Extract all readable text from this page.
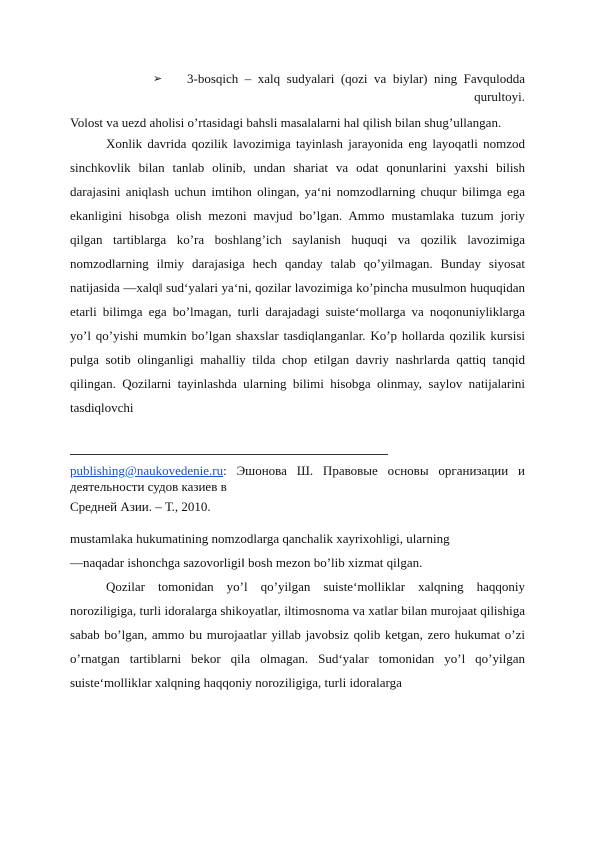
➢ 3-bosqich – xalq sudyalari (qozi va biylar) ning Favqulodda qurultoyi.

Volost va uezd aholisi o’rtasidagi bahsli masalalarni hal qilish bilan shug’ullangan.

Xonlik davrida qozilik lavozimiga tayinlash jarayonida eng layoqatli nomzod sinchkovlik bilan tanlab olinib, undan shariat va odat qonunlarini yaxshi bilish darajasini aniqlash uchun imtihon olingan, ya‘ni nomzodlarning chuqur bilimga ega ekanligini hisobga olish mezoni mavjud bo’lgan. Ammo mustamlaka tuzum joriy qilgan tartiblarga ko’ra boshlang’ich saylanish huquqi va qozilik lavozimiga nomzodlarning ilmiy darajasiga hech qanday talab qo’yilmagan. Bunday siyosat natijasida ―xalq‖ sud‘yalari ya‘ni, qozilar lavozimiga ko’pincha musulmon huquqidan etarli bilimga ega bo’lmagan, turli darajadagi suiste‘mollarga va noqonuniyliklarga yo’l qo’yishi mumkin bo’lgan shaxslar tasdiqlanganlar. Ko’p hollarda qozilik kursisi pulga sotib olinganligi mahalliy tilda chop etilgan davriy nashrlarda qattiq tanqid qilingan. Qozilarni tayinlashda ularning bilimi hisobga olinmay, saylov natijalarini tasdiqlovchi

publishing@naukovedenie.ru: Эшонова Ш. Правовые основы организации и деятельности судов казиев в

Средней Азии. – Т., 2010.

mustamlaka hukumatining nomzodlarga qanchalik xayrixohligi, ularning

―naqadar ishonchga sazovorligi‖ bosh mezon bo’lib xizmat qilgan.

Qozilar tomonidan yo’l qo’yilgan suiste‘molliklar xalqning haqqoniy noroziligiga, turli idoralarga shikoyatlar, iltimosnoma va xatlar bilan murojaat qilishiga sabab bo’lgan, ammo bu murojaatlar yillab javobsiz qolib ketgan, zero hukumat o’zi o’rnatgan tartiblarni bekor qila olmagan. Sud‘yalar tomonidan yo’l qo’yilgan suiste‘molliklar xalqning haqqoniy noroziligiga, turli idoralarga
